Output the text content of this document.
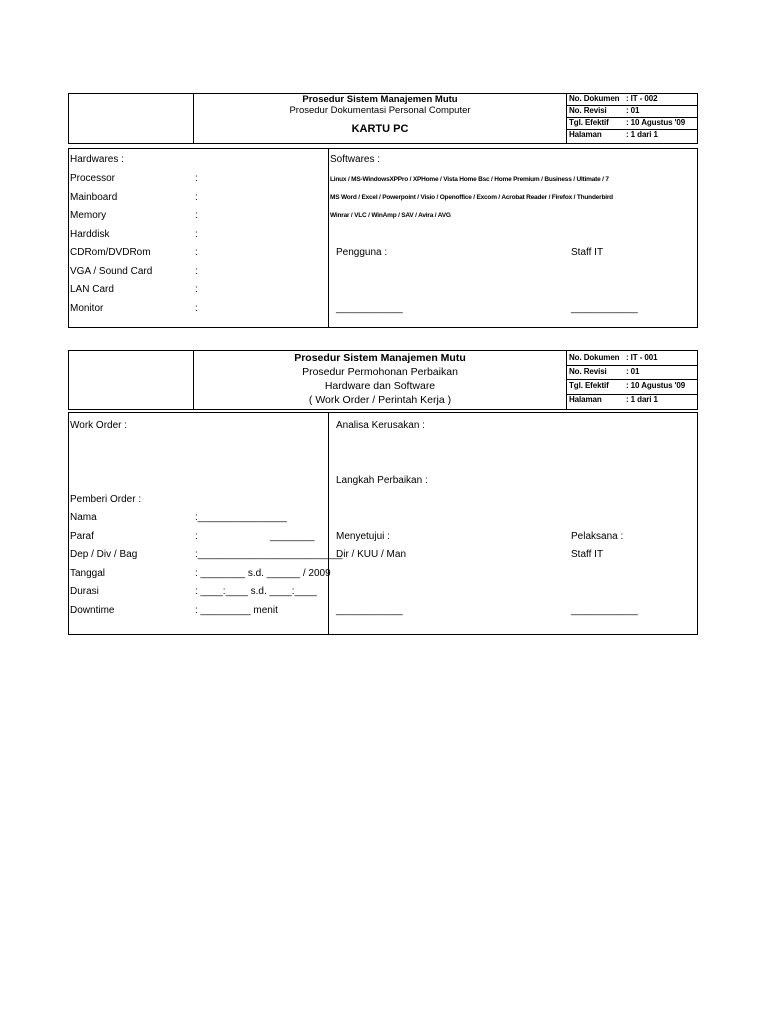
Prosedur Sistem Manajemen Mutu
Prosedur Dokumentasi Personal Computer
KARTU PC
No. Dokumen : IT - 002
No. Revisi : 01
Tgl. Efektif : 10 Agustus '09
Halaman	: 1 dari 1
Hardwares :
Processor	:
Mainboard	:
Memory	:
Harddisk	:
CDRom/DVDRom	:
VGA / Sound Card	:
LAN Card	:
Monitor	:
Softwares :
Linux / MS-WindowsXPPro / XPHome / Vista Home Bsc / Home Premium / Business / Ultimate / 7
MS Word / Excel / Powerpoint / Visio / Openoffice / Excom / Acrobat Reader / Firefox / Thunderbird
Winrar / VLC / WinAmp / SAV / Avira / AVG
Pengguna :	Staff IT
____________	____________
Prosedur Sistem Manajemen Mutu
Prosedur Permohonan Perbaikan
Hardware dan Software
( Work Order / Perintah Kerja )
No. Dokumen : IT - 001
No. Revisi : 01
Tgl. Efektif : 10 Agustus '09
Halaman	: 1 dari 1
Work Order :
Pemberi Order :
Nama	:________________
Paraf	:                          ________
Dep / Div / Bag	:__________________________
Tanggal	: ________ s.d. ______ / 2009
Durasi	: ____:____ s.d. ____:____
Downtime	: _________ menit
Analisa Kerusakan :
Langkah Perbaikan :
Menyetujui :
Dir / KUU / Man
Pelaksana :
Staff IT
____________	____________
